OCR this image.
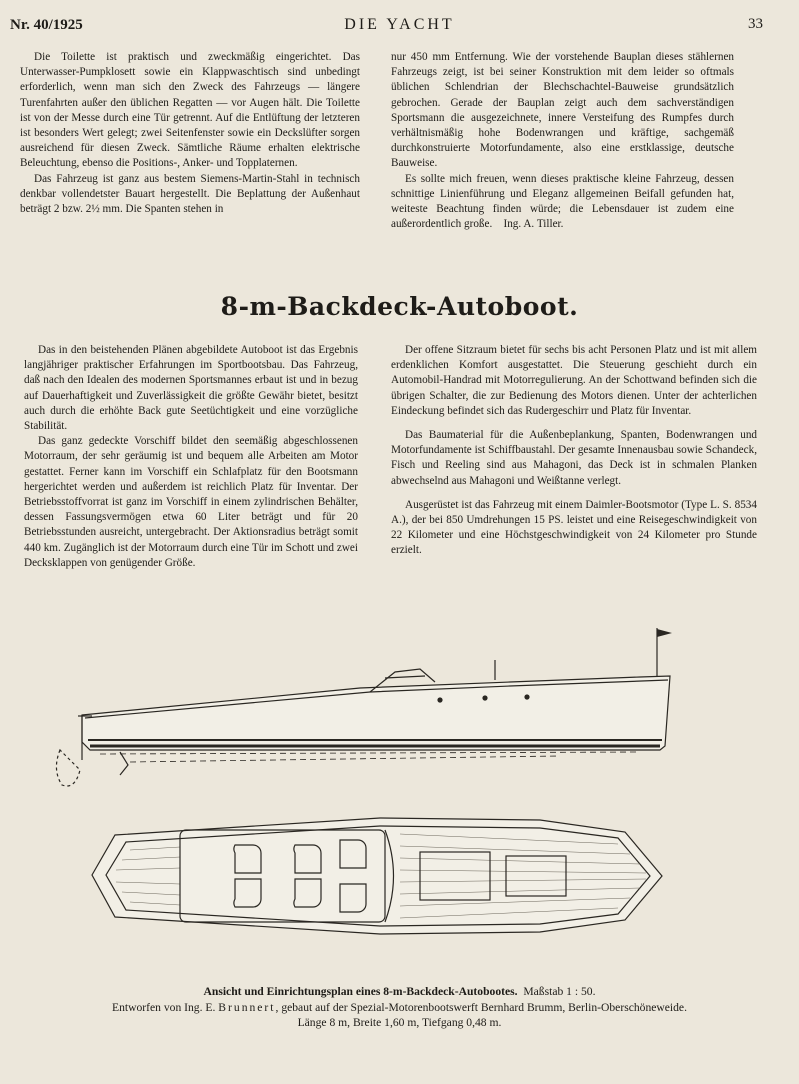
Nr. 40/1925	DIE YACHT	33

Die Toilette ist praktisch und zweckmäßig eingerichtet. Das Unterwasser-Pumpklosett sowie ein Klappwaschtisch sind unbedingt erforderlich, wenn man sich den Zweck des Fahrzeugs — längere Turenfahrten außer den üblichen Regatten — vor Augen hält. Die Toilette ist von der Messe durch eine Tür getrennt. Auf die Entlüftung der letzteren ist besonders Wert gelegt; zwei Seitenfenster sowie ein Deckslüfter sorgen ausreichend für diesen Zweck. Sämtliche Räume erhalten elektrische Beleuchtung, ebenso die Positions-, Anker- und Topplaternen.

Das Fahrzeug ist ganz aus bestem Siemens-Martin-Stahl in technisch denkbar vollendetster Bauart hergestellt. Die Beplattung der Außenhaut beträgt 2 bzw. 2½ mm. Die Spanten stehen in

nur 450 mm Entfernung. Wie der vorstehende Bauplan dieses stählernen Fahrzeugs zeigt, ist bei seiner Konstruktion mit dem leider so oftmals üblichen Schlendrian der Blechschachtel-Bauweise grundsätzlich gebrochen. Gerade der Bauplan zeigt auch dem sachverständigen Sportsmann die ausgezeichnete, innere Versteifung des Rumpfes durch verhältnismäßig hohe Bodenwrangen und kräftige, sachgemäß durchkonstruierte Motorfundamente, also eine erstklassige, deutsche Bauweise.

Es sollte mich freuen, wenn dieses praktische kleine Fahrzeug, dessen schnittige Linienführung und Eleganz allgemeinen Beifall gefunden hat, weiteste Beachtung finden würde; die Lebensdauer ist zudem eine außerordentlich große. Ing. A. Tiller.

8-m-Backdeck-Autoboot.

Das in den beistehenden Plänen abgebildete Autoboot ist das Ergebnis langjähriger praktischer Erfahrungen im Sportbootsbau. Das Fahrzeug, daß nach den Idealen des modernen Sportsmannes erbaut ist und in bezug auf Dauerhaftigkeit und Zuverlässigkeit die größte Gewähr bietet, besitzt auch durch die erhöhte Back gute Seetüchtigkeit und eine vorzügliche Stabilität.

Das ganz gedeckte Vorschiff bildet den seemäßig abgeschlossenen Motorraum, der sehr geräumig ist und bequem alle Arbeiten am Motor gestattet. Ferner kann im Vorschiff ein Schlafplatz für den Bootsmann hergerichtet werden und außerdem ist reichlich Platz für Inventar. Der Betriebsstoffvorrat ist ganz im Vorschiff in einem zylindrischen Behälter, dessen Fassungsvermögen etwa 60 Liter beträgt und für 20 Betriebsstunden ausreicht, untergebracht. Der Aktionsradius beträgt somit 440 km. Zugänglich ist der Motorraum durch eine Tür im Schott und zwei Decksklappen von genügender Größe.

Der offene Sitzraum bietet für sechs bis acht Personen Platz und ist mit allem erdenklichen Komfort ausgestattet. Die Steuerung geschieht durch ein Automobil-Handrad mit Motorregulierung. An der Schottwand befinden sich die übrigen Schalter, die zur Bedienung des Motors dienen. Unter der achterlichen Eindeckung befindet sich das Rudergeschirr und Platz für Inventar.

Das Baumaterial für die Außenbeplankung, Spanten, Bodenwrangen und Motorfundamente ist Schiffbaustahl. Der gesamte Innenausbau sowie Schandeck, Fisch und Reeling sind aus Mahagoni, das Deck ist in schmalen Planken abwechselnd aus Mahagoni und Weißtanne verlegt.

Ausgerüstet ist das Fahrzeug mit einem Daimler-Bootsmotor (Type L. S. 8534 A.), der bei 850 Umdrehungen 15 PS. leistet und eine Reisegeschwindigkeit von 22 Kilometer und eine Höchstgeschwindigkeit von 24 Kilometer pro Stunde erzielt.

Ansicht und Einrichtungsplan eines 8-m-Backdeck-Autobootes. Maßstab 1 : 50.
Entworfen von Ing. E. Brunnert, gebaut auf der Spezial-Motorenbootswerft Bernhard Brumm, Berlin-Oberschöneweide.
Länge 8 m, Breite 1,60 m, Tiefgang 0,48 m.
